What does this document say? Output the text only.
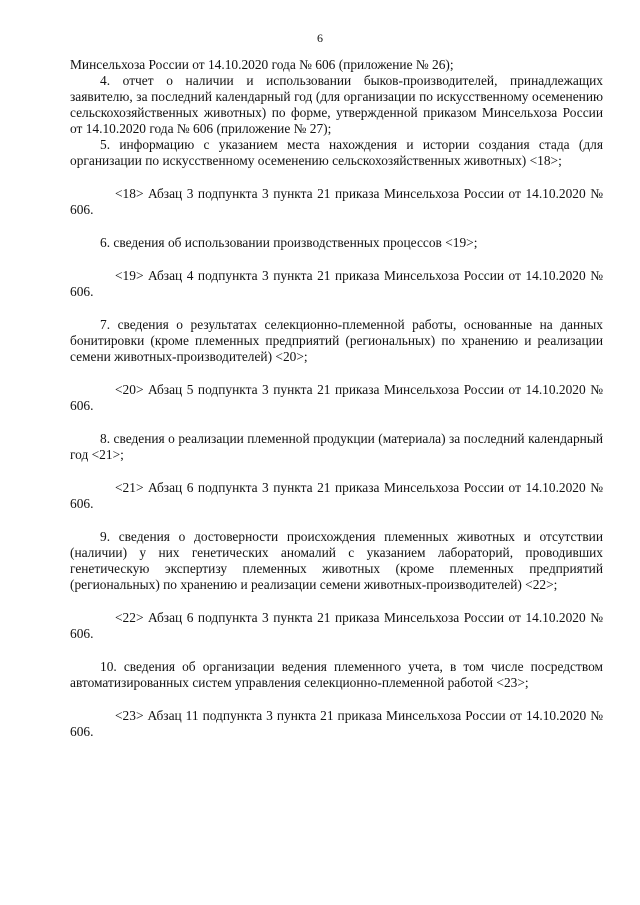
6

Минсельхоза России от 14.10.2020 года № 606 (приложение № 26);

4. отчет о наличии и использовании быков-производителей, принадлежащих заявителю, за последний календарный год (для организации по искусственному осеменению сельскохозяйственных животных) по форме, утвержденной приказом Минсельхоза России от 14.10.2020 года № 606 (приложение № 27);

5. информацию с указанием места нахождения и истории создания стада (для организации по искусственному осеменению сельскохозяйственных животных) <18>;

<18> Абзац 3 подпункта 3 пункта 21 приказа Минсельхоза России от 14.10.2020 № 606.

6. сведения об использовании производственных процессов <19>;

<19> Абзац 4 подпункта 3 пункта 21 приказа Минсельхоза России от 14.10.2020 № 606.

7. сведения о результатах селекционно-племенной работы, основанные на данных бонитировки (кроме племенных предприятий (региональных) по хранению и реализации семени животных-производителей) <20>;

<20> Абзац 5 подпункта 3 пункта 21 приказа Минсельхоза России от 14.10.2020 № 606.

8. сведения о реализации племенной продукции (материала) за последний календарный год <21>;

<21> Абзац 6 подпункта 3 пункта 21 приказа Минсельхоза России от 14.10.2020 № 606.

9. сведения о достоверности происхождения племенных животных и отсутствии (наличии) у них генетических аномалий с указанием лабораторий, проводивших генетическую экспертизу племенных животных (кроме племенных предприятий (региональных) по хранению и реализации семени животных-производителей) <22>;

<22> Абзац 6 подпункта 3 пункта 21 приказа Минсельхоза России от 14.10.2020 № 606.

10. сведения об организации ведения племенного учета, в том числе посредством автоматизированных систем управления селекционно-племенной работой <23>;

<23> Абзац 11 подпункта 3 пункта 21 приказа Минсельхоза России от 14.10.2020 № 606.
